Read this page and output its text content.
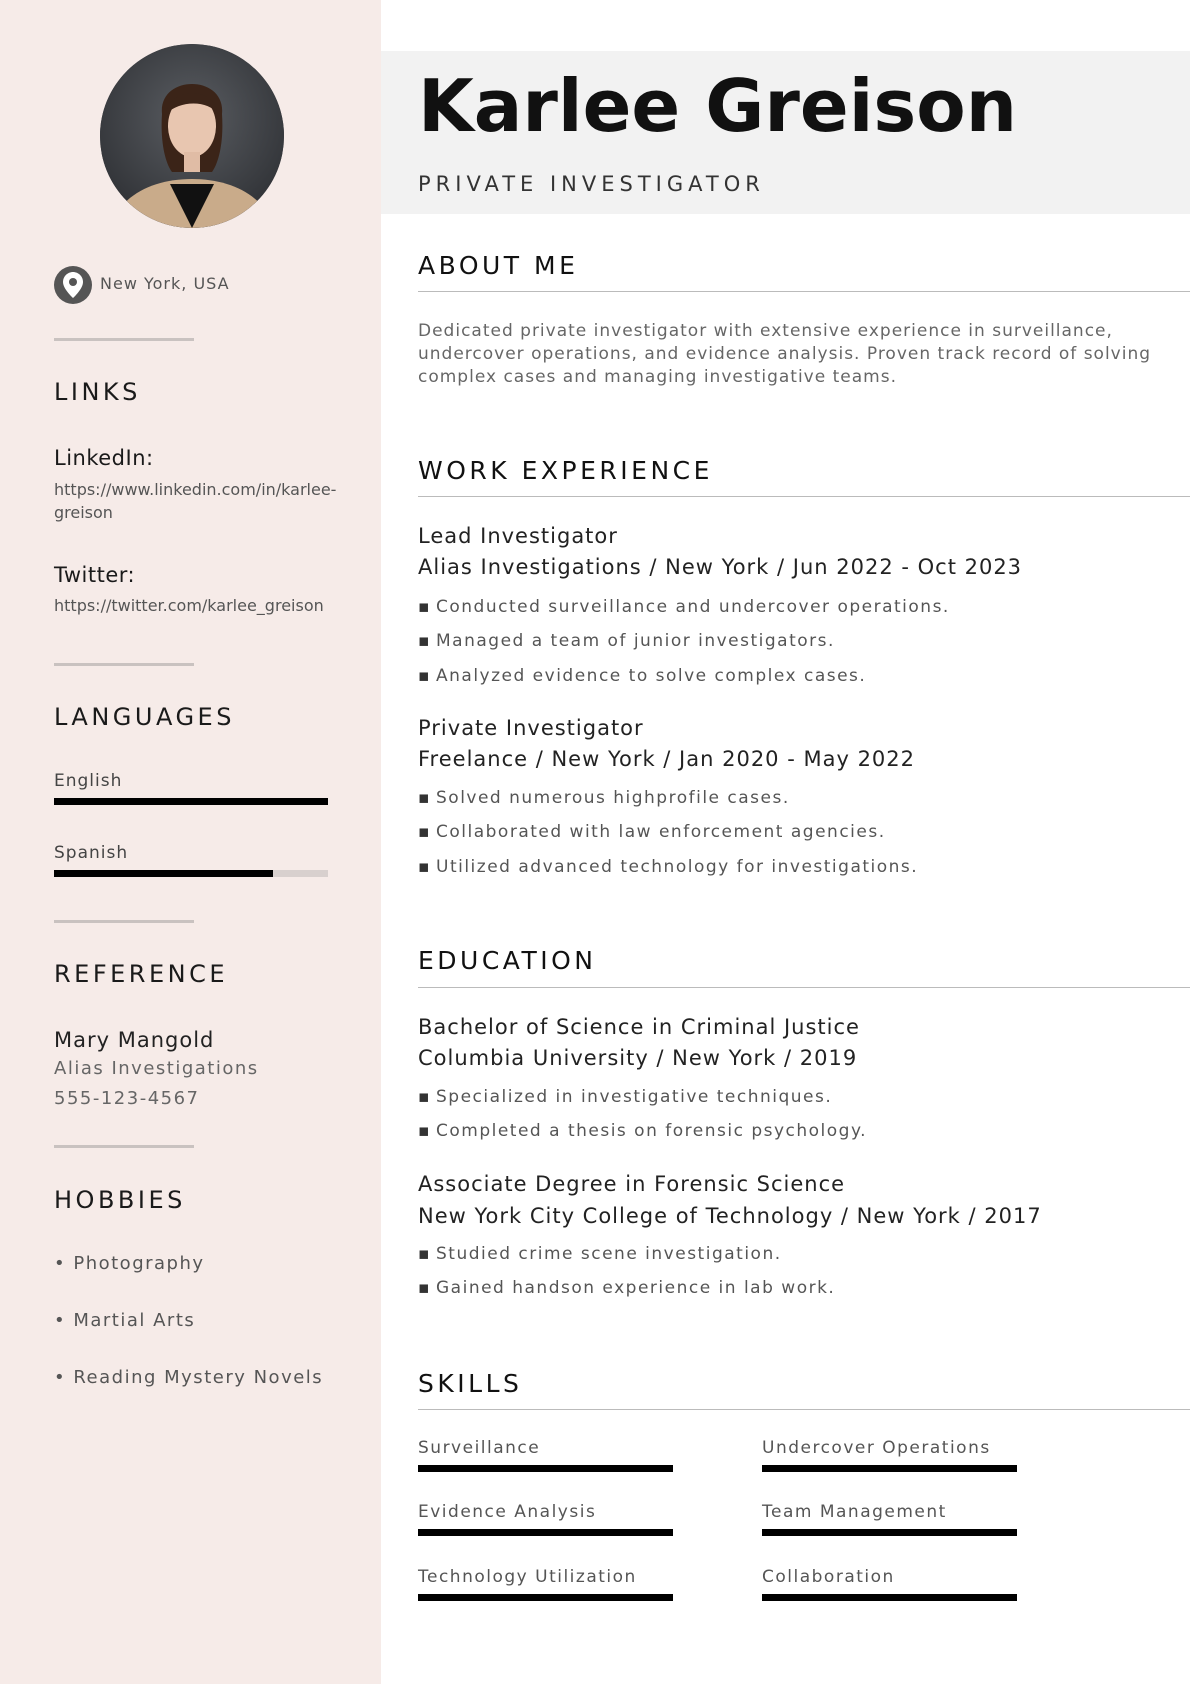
New York, USA
LINKS
LinkedIn:
https://www.linkedin.com/in/karlee-greison
Twitter:
https://twitter.com/karlee_greison
LANGUAGES
English
Spanish
REFERENCE
Mary Mangold
Alias Investigations
555-123-4567
HOBBIES
• Photography
• Martial Arts
• Reading Mystery Novels
Karlee Greison
PRIVATE INVESTIGATOR
ABOUT ME
Dedicated private investigator with extensive experience in surveillance, undercover operations, and evidence analysis. Proven track record of solving complex cases and managing investigative teams.
WORK EXPERIENCE
Lead Investigator
Alias Investigations / New York / Jun 2022 - Oct 2023
▪ Conducted surveillance and undercover operations.
▪ Managed a team of junior investigators.
▪ Analyzed evidence to solve complex cases.
Private Investigator
Freelance / New York / Jan 2020 - May 2022
▪ Solved numerous highprofile cases.
▪ Collaborated with law enforcement agencies.
▪ Utilized advanced technology for investigations.
EDUCATION
Bachelor of Science in Criminal Justice
Columbia University / New York / 2019
▪ Specialized in investigative techniques.
▪ Completed a thesis on forensic psychology.
Associate Degree in Forensic Science
New York City College of Technology / New York / 2017
▪ Studied crime scene investigation.
▪ Gained handson experience in lab work.
SKILLS
Surveillance	Undercover Operations
Evidence Analysis	Team Management
Technology Utilization	Collaboration
